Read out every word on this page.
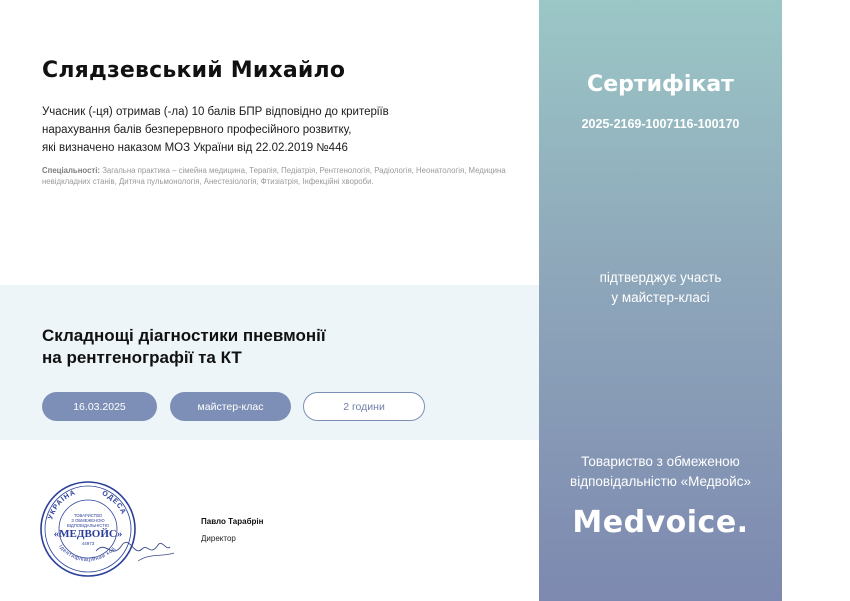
Слядзевський Михайло
Учасник (-ця) отримав (-ла) 10 балів БПР відповідно до критеріїв
нарахування балів безперервного професійного розвитку,
які визначено наказом МОЗ України від 22.02.2019 №446
Спеціальності: Загальна практика – сімейна медицина, Терапія, Педіатрія, Рентгенологія, Радіологія, Неонатологія, Медицина невідкладних станів, Дитяча пульмонологія, Анестезіологія, Фтизіатрія, Інфекційні хвороби.
Складнощі діагностики пневмонії
на рентгенографії та КТ
16.03.2025	майстер-клас	2 години
УКРАЇНА	ОДЕСА
Ідентифікаційний код
ТОВАРИСТВО
З ОБМЕЖЕНОЮ
ВІДПОВІДАЛЬНІСТЮ
«МЕДВОЙС»
44973
Павло Тарабрін
Директор
Сертифікат
2025-2169-1007116-100170
підтверджує участь
у майстер-класі
Товариство з обмеженою
відповідальністю «Медвойс»
Medvoice.
